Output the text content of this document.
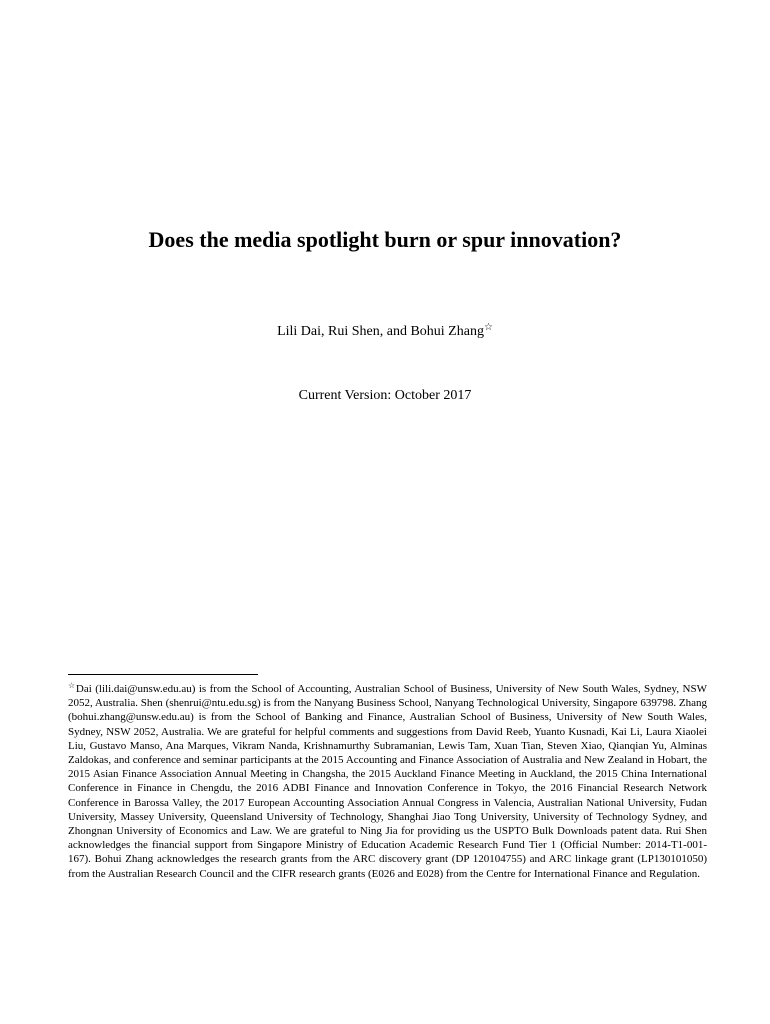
Does the media spotlight burn or spur innovation?
Lili Dai, Rui Shen, and Bohui Zhang☆
Current Version: October 2017
☆Dai (lili.dai@unsw.edu.au) is from the School of Accounting, Australian School of Business, University of New South Wales, Sydney, NSW 2052, Australia. Shen (shenrui@ntu.edu.sg) is from the Nanyang Business School, Nanyang Technological University, Singapore 639798. Zhang (bohui.zhang@unsw.edu.au) is from the School of Banking and Finance, Australian School of Business, University of New South Wales, Sydney, NSW 2052, Australia. We are grateful for helpful comments and suggestions from David Reeb, Yuanto Kusnadi, Kai Li, Laura Xiaolei Liu, Gustavo Manso, Ana Marques, Vikram Nanda, Krishnamurthy Subramanian, Lewis Tam, Xuan Tian, Steven Xiao, Qianqian Yu, Alminas Zaldokas, and conference and seminar participants at the 2015 Accounting and Finance Association of Australia and New Zealand in Hobart, the 2015 Asian Finance Association Annual Meeting in Changsha, the 2015 Auckland Finance Meeting in Auckland, the 2015 China International Conference in Finance in Chengdu, the 2016 ADBI Finance and Innovation Conference in Tokyo, the 2016 Financial Research Network Conference in Barossa Valley, the 2017 European Accounting Association Annual Congress in Valencia, Australian National University, Fudan University, Massey University, Queensland University of Technology, Shanghai Jiao Tong University, University of Technology Sydney, and Zhongnan University of Economics and Law. We are grateful to Ning Jia for providing us the USPTO Bulk Downloads patent data. Rui Shen acknowledges the financial support from Singapore Ministry of Education Academic Research Fund Tier 1 (Official Number: 2014-T1-001-167). Bohui Zhang acknowledges the research grants from the ARC discovery grant (DP 120104755) and ARC linkage grant (LP130101050) from the Australian Research Council and the CIFR research grants (E026 and E028) from the Centre for International Finance and Regulation.
